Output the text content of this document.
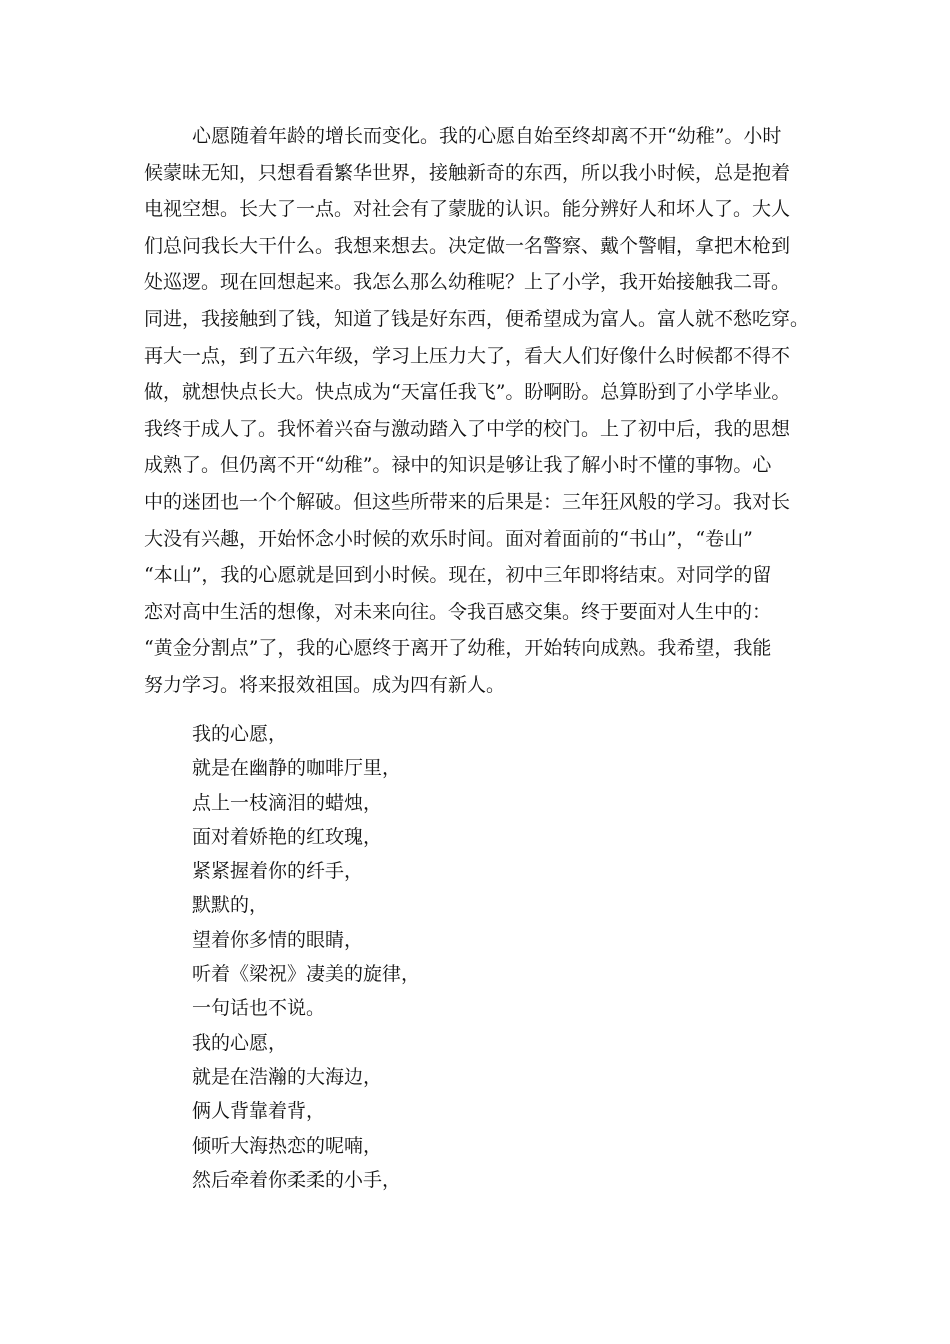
心愿随着年龄的增长而变化。我的心愿自始至终却离不开“幼稚”。小时
候蒙昧无知，只想看看繁华世界，接触新奇的东西，所以我小时候，总是抱着
电视空想。长大了一点。对社会有了蒙胧的认识。能分辨好人和坏人了。大人
们总问我长大干什么。我想来想去。决定做一名警察、戴个警帽，拿把木枪到
处巡逻。现在回想起来。我怎么那么幼稚呢？上了小学，我开始接触我二哥。
同进，我接触到了钱，知道了钱是好东西，便希望成为富人。富人就不愁吃穿。
再大一点，到了五六年级，学习上压力大了，看大人们好像什么时候都不得不
做，就想快点长大。快点成为“天富任我飞”。盼啊盼。总算盼到了小学毕业。
我终于成人了。我怀着兴奋与激动踏入了中学的校门。上了初中后，我的思想
成熟了。但仍离不开“幼稚”。禄中的知识是够让我了解小时不懂的事物。心
中的迷团也一个个解破。但这些所带来的后果是：三年狂风般的学习。我对长
大没有兴趣，开始怀念小时候的欢乐时间。面对着面前的“书山”，“卷山”
“本山”，我的心愿就是回到小时候。现在，初中三年即将结束。对同学的留
恋对高中生活的想像，对未来向往。令我百感交集。终于要面对人生中的：
“黄金分割点”了，我的心愿终于离开了幼稚，开始转向成熟。我希望，我能
努力学习。将来报效祖国。成为四有新人。
我的心愿，
就是在幽静的咖啡厅里，
点上一枝滴泪的蜡烛，
面对着娇艳的红玫瑰，
紧紧握着你的纤手，
默默的，
望着你多情的眼睛，
听着《梁祝》凄美的旋律，
一句话也不说。
我的心愿，
就是在浩瀚的大海边，
俩人背靠着背，
倾听大海热恋的呢喃，
然后牵着你柔柔的小手，
